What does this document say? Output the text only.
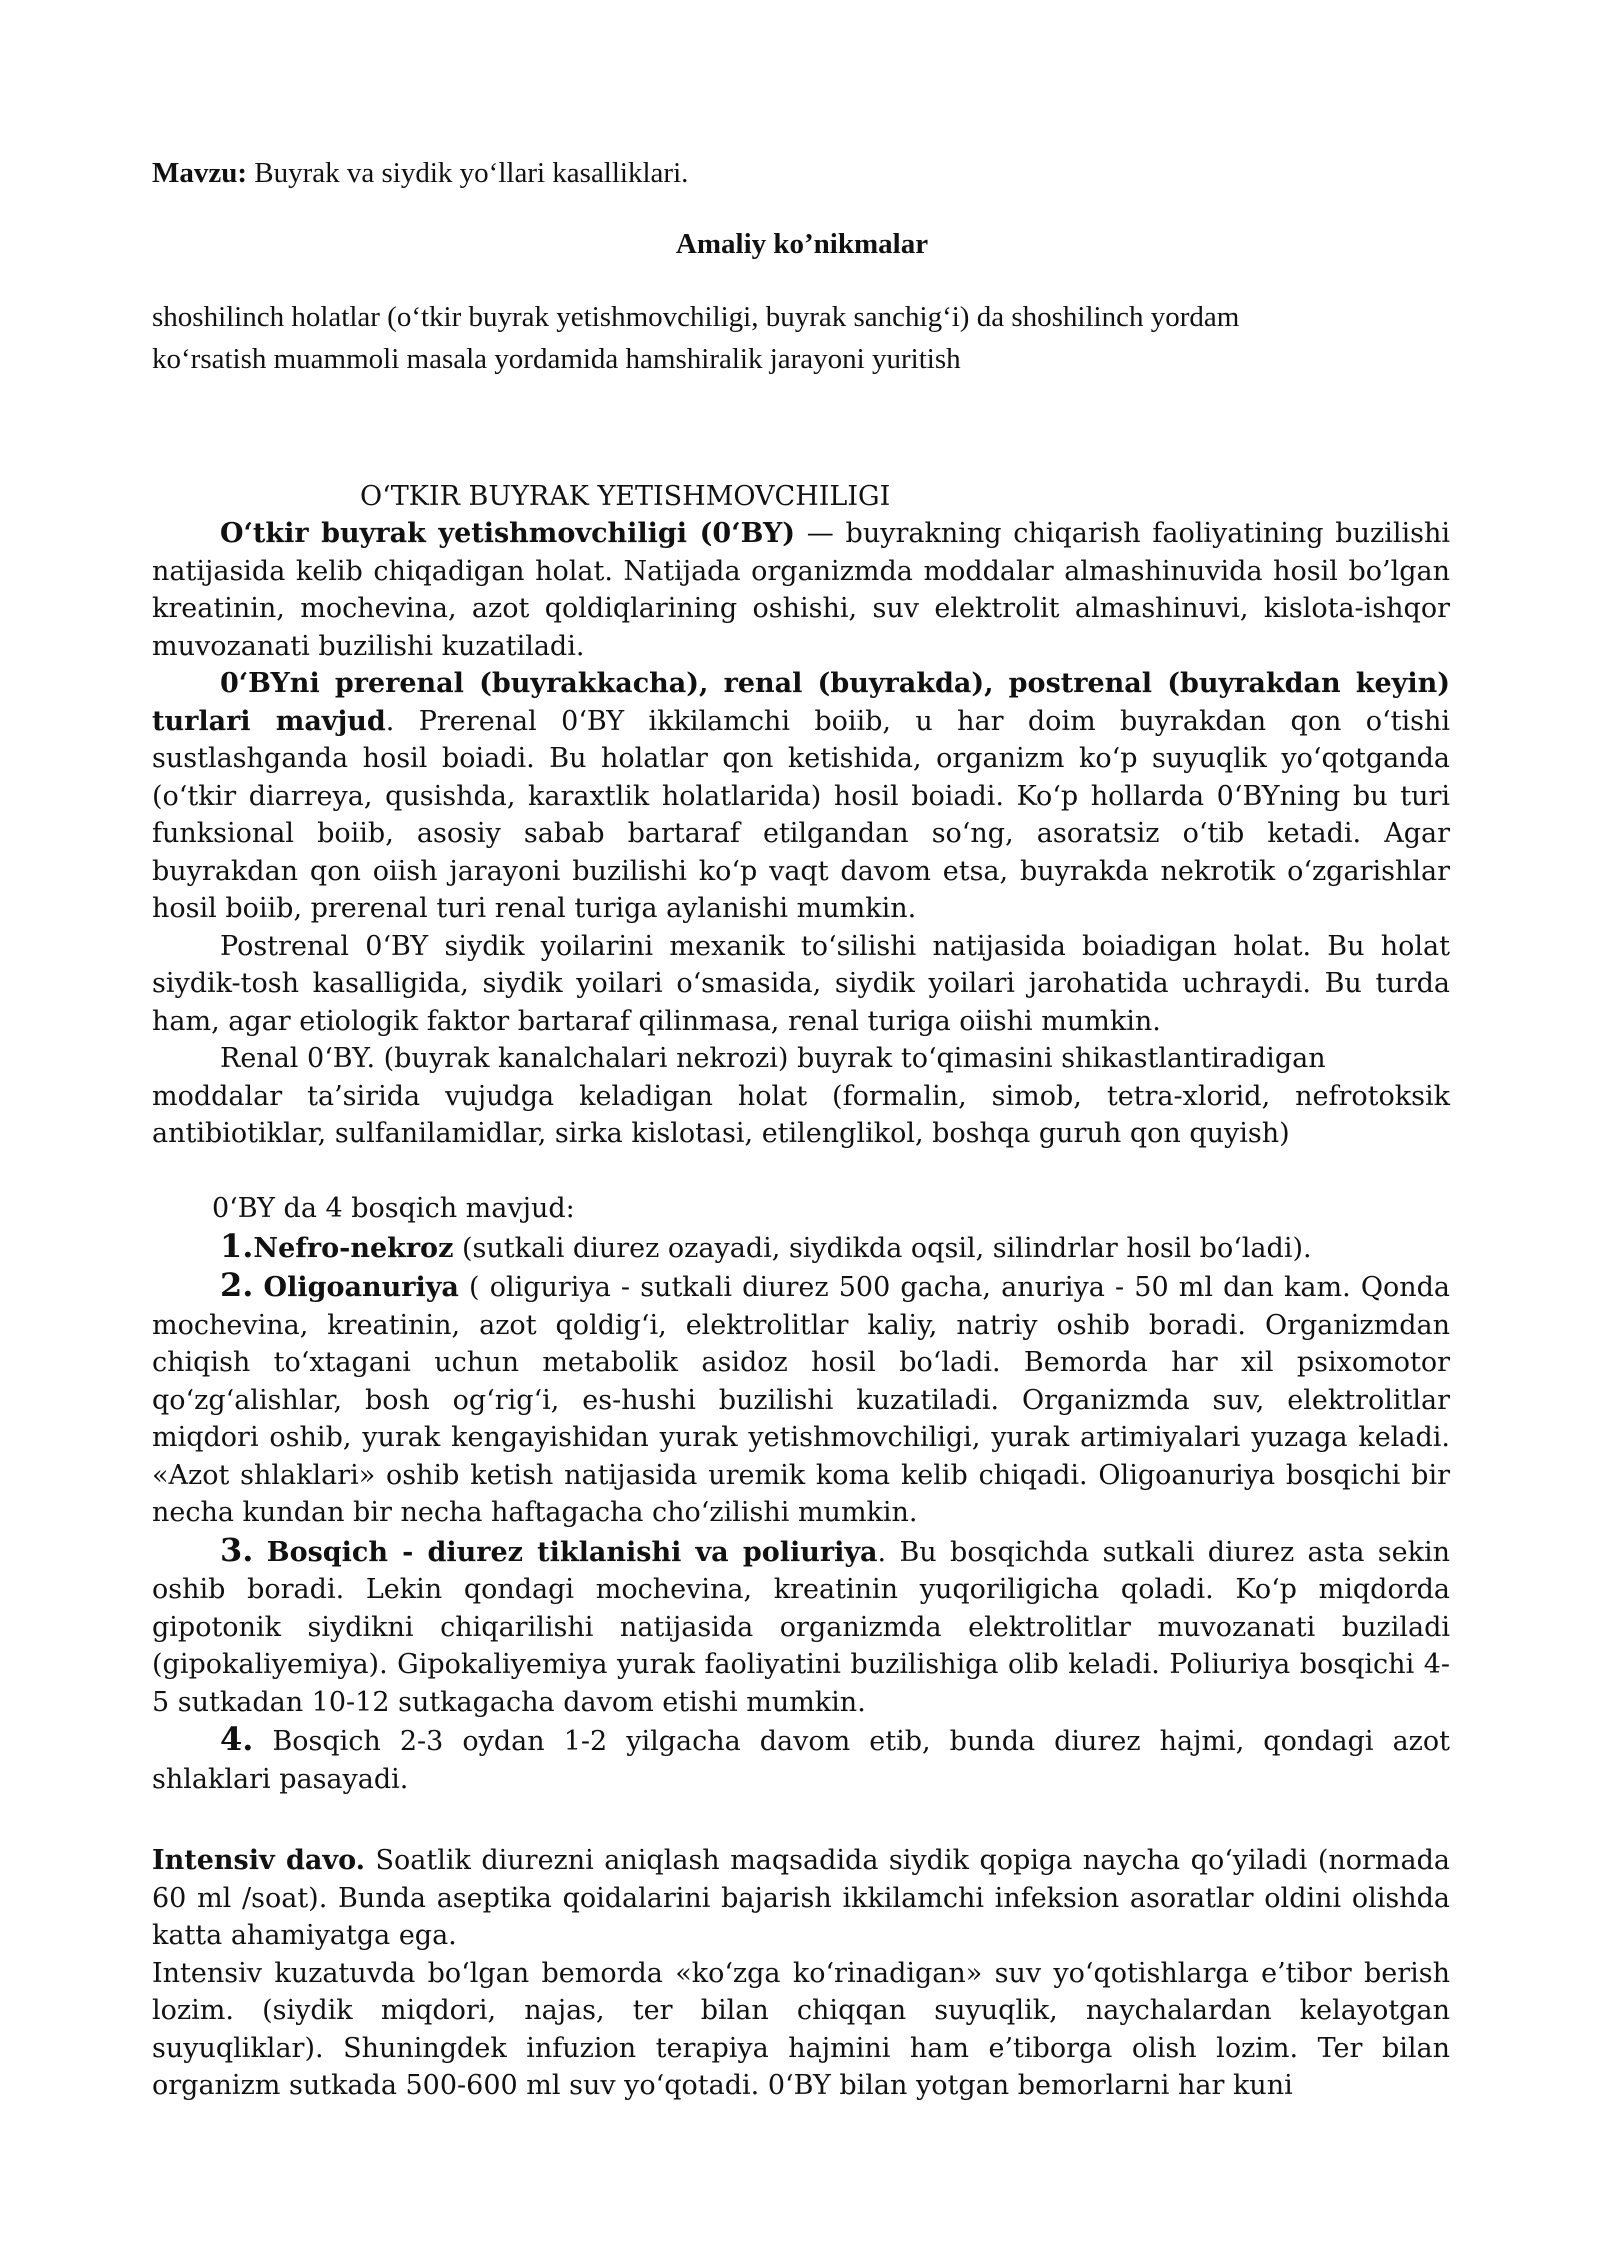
Mavzu: Buyrak va siydik yo‘llari kasalliklari.
Amaliy ko’nikmalar

shoshilinch holatlar (o‘tkir buyrak yetishmovchiligi, buyrak sanchig‘i) da shoshilinch yordam

ko‘rsatish muammoli masala yordamida hamshiralik jarayoni yuritish

O‘TKIR BUYRAK YETISHMOVCHILIGI

O‘tkir buyrak yetishmovchiligi (0‘BY) — buyrakning chiqarish faoliyatining buzilishi natijasida kelib chiqadigan holat. Natijada organizmda moddalar almashinuvida hosil bo’lgan kreatinin, mochevina, azot qoldiqlarining oshishi, suv elektrolit almashinuvi, kislota-ishqor muvozanati buzilishi kuzatiladi.

0‘BYni prerenal (buyrakkacha), renal (buyrakda), postrenal (buyrakdan keyin) turlari mavjud. Prerenal 0‘BY ikkilamchi boiib, u har doim buyrakdan qon o‘tishi sustlashganda hosil boiadi. Bu holatlar qon ketishida, organizm ko‘p suyuqlik yo‘qotganda (o‘tkir diarreya, qusishda, karaxtlik holatlarida) hosil boiadi. Ko‘p hollarda 0‘BYning bu turi funksional boiib, asosiy sabab bartaraf etilgandan so‘ng, asoratsiz o‘tib ketadi. Agar buyrakdan qon oiish jarayoni buzilishi ko‘p vaqt davom etsa, buyrakda nekrotik o‘zgarishlar hosil boiib, prerenal turi renal turiga aylanishi mumkin.

Postrenal 0‘BY siydik yoilarini mexanik to‘silishi natijasida boiadigan holat. Bu holat siydik-tosh kasalligida, siydik yoilari o‘smasida, siydik yoilari jarohatida uchraydi. Bu turda ham, agar etiologik faktor bartaraf qilinmasa, renal turiga oiishi mumkin.

Renal 0‘BY. (buyrak kanalchalari nekrozi) buyrak to‘qimasini shikastlantiradigan

moddalar ta’sirida vujudga keladigan holat (formalin, simob, tetra-xlorid, nefrotoksik antibiotiklar, sulfanilamidlar, sirka kislotasi, etilenglikol, boshqa guruh qon quyish)

0‘BY da 4 bosqich mavjud:

1.Nefro-nekroz (sutkali diurez ozayadi, siydikda oqsil, silindrlar hosil bo‘ladi).

2. Oligoanuriya ( oliguriya - sutkali diurez 500 gacha, anuriya - 50 ml dan kam. Qonda mochevina, kreatinin, azot qoldig‘i, elektrolitlar kaliy, natriy oshib boradi. Organizmdan chiqish to‘xtagani uchun metabolik asidoz hosil bo‘ladi. Bemorda har xil psixomotor qo‘zg‘alishlar, bosh og‘rig‘i, es-hushi buzilishi kuzatiladi. Organizmda suv, elektrolitlar miqdori oshib, yurak kengayishidan yurak yetishmovchiligi, yurak artimiyalari yuzaga keladi. «Azot shlaklari» oshib ketish natijasida uremik koma kelib chiqadi. Oligoanuriya bosqichi bir necha kundan bir necha haftagacha cho‘zilishi mumkin.

3. Bosqich - diurez tiklanishi va poliuriya. Bu bosqichda sutkali diurez asta sekin oshib boradi. Lekin qondagi mochevina, kreatinin yuqoriligicha qoladi. Ko‘p miqdorda gipotonik siydikni chiqarilishi natijasida organizmda elektrolitlar muvozanati buziladi (gipokaliyemiya). Gipokaliyemiya yurak faoliyatini buzilishiga olib keladi. Poliuriya bosqichi 4-5 sutkadan 10-12 sutkagacha davom etishi mumkin.

4. Bosqich 2-3 oydan 1-2 yilgacha davom etib, bunda diurez hajmi, qondagi azot shlaklari pasayadi.

Intensiv davo. Soatlik diurezni aniqlash maqsadida siydik qopiga naycha qo‘yiladi (normada 60 ml /soat). Bunda aseptika qoidalarini bajarish ikkilamchi infeksion asoratlar oldini olishda katta ahamiyatga ega.

Intensiv kuzatuvda bo‘lgan bemorda «ko‘zga ko‘rinadigan» suv yo‘qotishlarga e’tibor berish lozim. (siydik miqdori, najas, ter bilan chiqqan suyuqlik, naychalardan kelayotgan suyuqliklar). Shuningdek infuzion terapiya hajmini ham e’tiborga olish lozim. Ter bilan organizm sutkada 500-600 ml suv yo‘qotadi. 0‘BY bilan yotgan bemorlarni har kuni
